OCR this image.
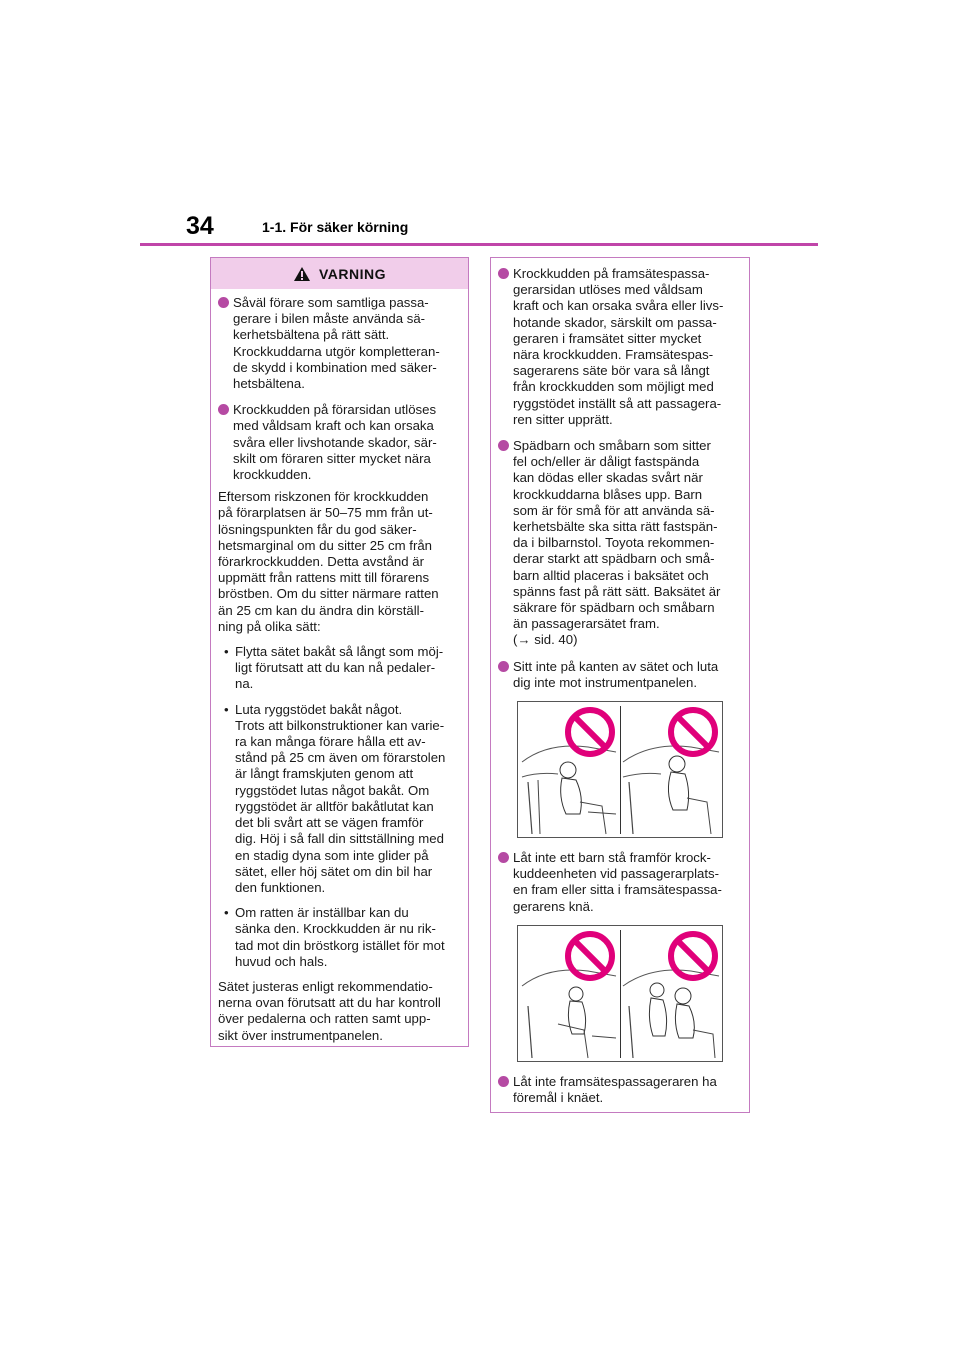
34	1-1. För säker körning
VARNING
Såväl förare som samtliga passa-
gerare i bilen måste använda sä-
kerhetsbältena på rätt sätt.
Krockkuddarna utgör kompletteran-
de skydd i kombination med säker-
hetsbältena.
Krockkudden på förarsidan utlöses
med våldsam kraft och kan orsaka
svåra eller livshotande skador, sär-
skilt om föraren sitter mycket nära
krockkudden.

Eftersom riskzonen för krockkudden
på förarplatsen är 50–75 mm från ut-
lösningspunkten får du god säker-
hetsmarginal om du sitter 25 cm från
förarkrockkudden. Detta avstånd är
uppmätt från rattens mitt till förarens
bröstben. Om du sitter närmare ratten
än 25 cm kan du ändra din körställ-
ning på olika sätt:

• Flytta sätet bakåt så långt som möj-
ligt förutsatt att du kan nå pedaler-
na.
• Luta ryggstödet bakåt något.
Trots att bilkonstruktioner kan varie-
ra kan många förare hålla ett av-
stånd på 25 cm även om förarstolen
är långt framskjuten genom att
ryggstödet lutas något bakåt. Om
ryggstödet är alltför bakåtlutat kan
det bli svårt att se vägen framför
dig. Höj i så fall din sittställning med
en stadig dyna som inte glider på
sätet, eller höj sätet om din bil har
den funktionen.
• Om ratten är inställbar kan du
sänka den. Krockkudden är nu rik-
tad mot din bröstkorg istället för mot
huvud och hals.

Sätet justeras enligt rekommendatio-
nerna ovan förutsatt att du har kontroll
över pedalerna och ratten samt upp-
sikt över instrumentpanelen.

Krockkudden på framsätespassa-
gerarsidan utlöses med våldsam
kraft och kan orsaka svåra eller livs-
hotande skador, särskilt om passa-
geraren i framsätet sitter mycket
nära krockkudden. Framsätespas-
sagerarens säte bör vara så långt
från krockkudden som möjligt med
ryggstödet inställt så att passagera-
ren sitter upprätt.
Spädbarn och småbarn som sitter
fel och/eller är dåligt fastspända
kan dödas eller skadas svårt när
krockkuddarna blåses upp. Barn
som är för små för att använda sä-
kerhetsbälte ska sitta rätt fastspän-
da i bilbarnstol. Toyota rekommen-
derar starkt att spädbarn och små-
barn alltid placeras i baksätet och
spänns fast på rätt sätt. Baksätet är
säkrare för spädbarn och småbarn
än passagerarsätet fram.
(→ sid. 40)
Sitt inte på kanten av sätet och luta
dig inte mot instrumentpanelen.
Låt inte ett barn stå framför krock-
kuddeenheten vid passagerarplats-
en fram eller sitta i framsätespassa-
gerarens knä.
Låt inte framsätespassageraren ha
föremål i knäet.
